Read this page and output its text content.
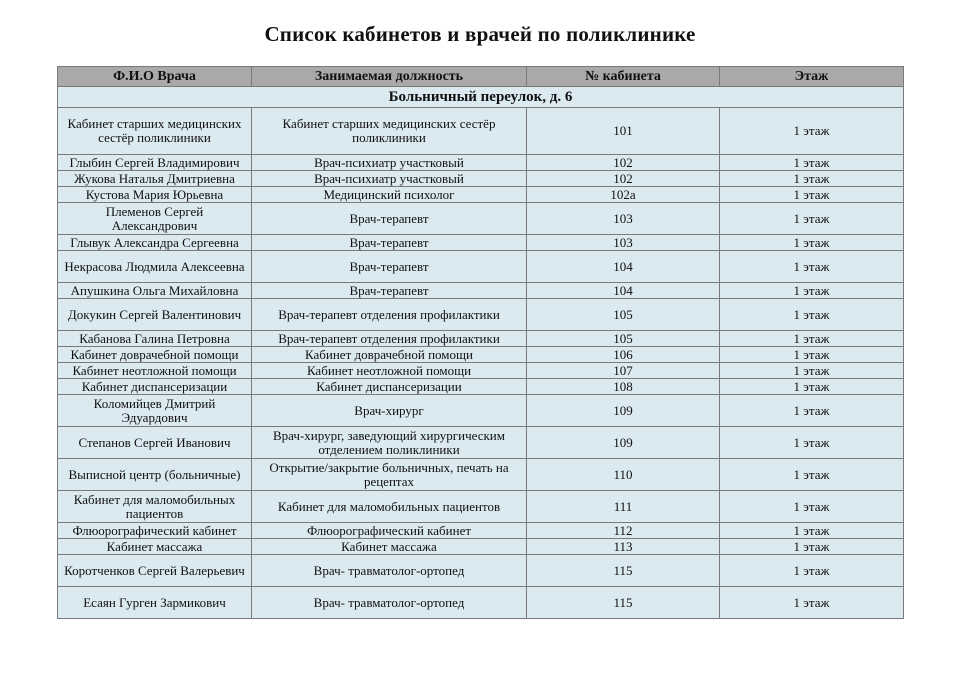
Список кабинетов и врачей по поликлинике
Ф.И.О Врача	Занимаемая должность	№ кабинета	Этаж
Больничный переулок, д. 6			
Кабинет старших медицинских сестёр поликлиники	Кабинет старших медицинских сестёр поликлиники	101	1 этаж
Глыбин Сергей Владимирович	Врач-психиатр участковый	102	1 этаж
Жукова Наталья Дмитриевна	Врач-психиатр участковый	102	1 этаж
Кустова Мария Юрьевна	Медицинский психолог	102а	1 этаж
Племенов Сергей Александрович	Врач-терапевт	103	1 этаж
Глывук Александра Сергеевна	Врач-терапевт	103	1 этаж
Некрасова Людмила Алексеевна	Врач-терапевт	104	1 этаж
Апушкина Ольга Михайловна	Врач-терапевт	104	1 этаж
Докукин Сергей Валентинович	Врач-терапевт отделения профилактики	105	1 этаж
Кабанова Галина Петровна	Врач-терапевт отделения профилактики	105	1 этаж
Кабинет доврачебной помощи	Кабинет доврачебной помощи	106	1 этаж
Кабинет неотложной помощи	Кабинет неотложной помощи	107	1 этаж
Кабинет диспансеризации	Кабинет диспансеризации	108	1 этаж
Коломийцев Дмитрий Эдуардович	Врач-хирург	109	1 этаж
Степанов Сергей Иванович	Врач-хирург, заведующий хирургическим отделением поликлиники	109	1 этаж
Выписной центр (больничные)	Открытие/закрытие больничных, печать на рецептах	110	1 этаж
Кабинет для маломобильных пациентов	Кабинет для маломобильных пациентов	111	1 этаж
Флюорографический кабинет	Флюорографический кабинет	112	1 этаж
Кабинет массажа	Кабинет массажа	113	1 этаж
Коротченков Сергей Валерьевич	Врач- травматолог-ортопед	115	1 этаж
Есаян Гурген Зармикович	Врач- травматолог-ортопед	115	1 этаж
